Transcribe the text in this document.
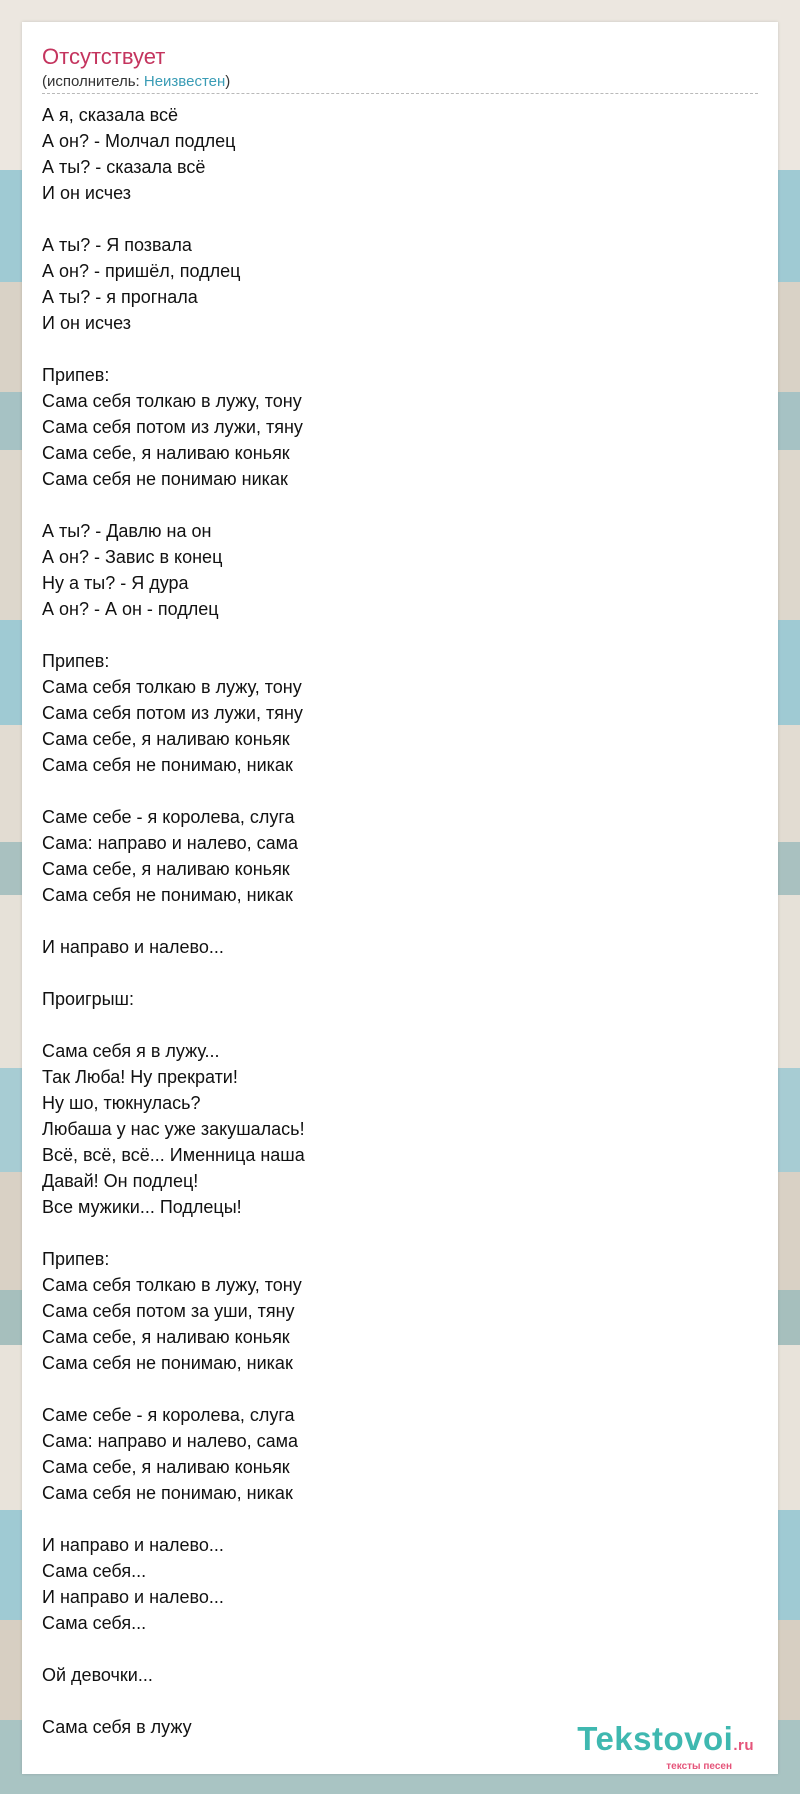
Отсутствует
(исполнитель: Неизвестен)
А я, сказала всё
А он? - Молчал подлец
А ты? - сказала всё
И он исчез
А ты? - Я позвала
А он? - пришёл, подлец
А ты? - я прогнала
И он исчез
Припев:
Сама себя толкаю в лужу, тону
Сама себя потом из лужи, тяну
Сама себе, я наливаю коньяк
Сама себя не понимаю никак
А ты? - Давлю на он
А он? - Завис в конец
Ну а ты? - Я дура
А он? - А он - подлец
Припев:
Сама себя толкаю в лужу, тону
Сама себя потом из лужи, тяну
Сама себе, я наливаю коньяк
Сама себя не понимаю, никак
Саме себе - я королева, слуга
Сама: направо и налево, сама
Сама себе, я наливаю коньяк
Сама себя не понимаю, никак
И направо и налево...
Проигрыш:
Сама себя я в лужу...
Так Люба! Ну прекрати!
Ну шо, тюкнулась?
Любаша у нас уже закушалась!
Всё, всё, всё... Именница наша
Давай! Он подлец!
Все мужики... Подлецы!
Припев:
Сама себя толкаю в лужу, тону
Сама себя потом за уши, тяну
Сама себе, я наливаю коньяк
Сама себя не понимаю, никак
Саме себе - я королева, слуга
Сама: направо и налево, сама
Сама себе, я наливаю коньяк
Сама себя не понимаю, никак
И направо и налево...
Сама себя...
И направо и налево...
Сама себя...
Ой девочки...
Сама себя в лужу	Tekstovoi.ru
тексты песен
